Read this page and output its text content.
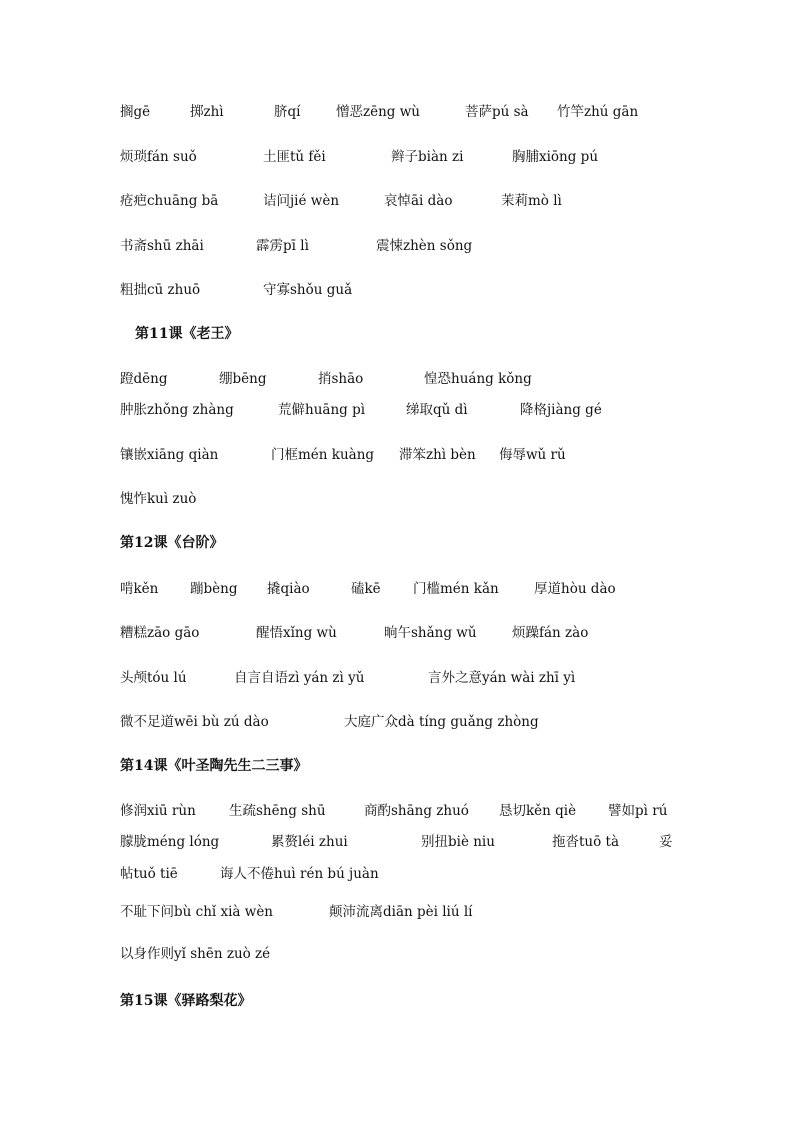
搁gē	掷zhì	脐qí	憎恶zēng wù	菩萨pú sà 竹竿zhú gān
烦琐fán suǒ	土匪tǔ fěi	辫子biàn zi	胸脯xiōng pú
疮疤chuāng bā	诘问jié wèn	哀悼āi dào	茉莉mò lì
书斋shū zhāi	霹雳pī lì	震悚zhèn sǒng
粗拙cū zhuō	守寡shǒu guǎ
第11课《老王》
蹬dēng	绷bēng	捎shāo	惶恐huáng kǒng
肿胀zhǒng zhàng	荒僻huāng pì	绨取qǔ dì	降格jiàng gé
镶嵌xiāng qiàn	门框mén kuàng 滞笨zhì bèn 侮辱wǔ rǔ
愧怍kuì zuò
第12课《台阶》
啃kěn 蹦bèng 撬qiào	磕kē 门槛mén kǎn	厚道hòu dào
糟糕zāo gāo	醒悟xǐng wù	晌午shǎng wǔ	烦躁fán zào
头颅tóu lú	自言自语zì yán zì yǔ	言外之意yán wài zhī yì
微不足道wēi bù zú dào	大庭广众dà tíng guǎng zhòng
第14课《叶圣陶先生二三事》
修润xiū rùn 生疏shēng shū	商酌shāng zhuó 恳切kěn qiè 譬如pì rú
朦胧méng lóng	累赘léi zhui	别扭biè niu	拖沓tuō tà	妥
帖tuǒ tiē	诲人不倦huì rén bú juàn
不耻下问bù chǐ xià wèn	颠沛流离diān pèi liú lí
以身作则yǐ shēn zuò zé
第15课《驿路梨花》
